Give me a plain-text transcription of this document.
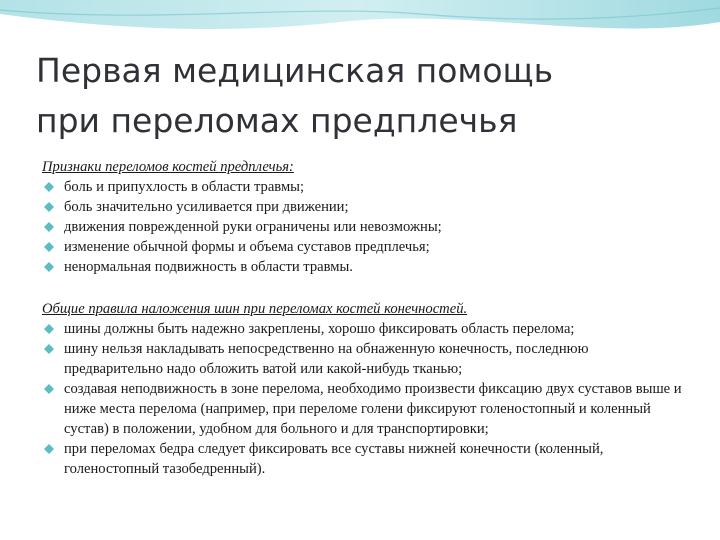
Первая медицинская помощь
при переломах предплечья

Признаки переломов костей предплечья:

боль и припухлость в области травмы;
боль значительно усиливается при движении;
движения поврежденной руки ограничены или невозможны;
изменение обычной формы и объема суставов предплечья;
ненормальная подвижность в области травмы.

Общие правила наложения шин при переломах костей конечностей.

шины должны быть надежно закреплены, хорошо фиксировать область перелома;
шину нельзя накладывать непосредственно на обнаженную конечность, последнюю предварительно надо обложить ватой или какой-нибудь тканью;
создавая неподвижность в зоне перелома, необходимо произвести фиксацию двух суставов выше и ниже места перелома (например, при переломе голени фиксируют голеностопный и коленный сустав) в положении, удобном для больного и для транспортировки;
при переломах бедра следует фиксировать все суставы нижней конечности (коленный, голеностопный тазобедренный).
